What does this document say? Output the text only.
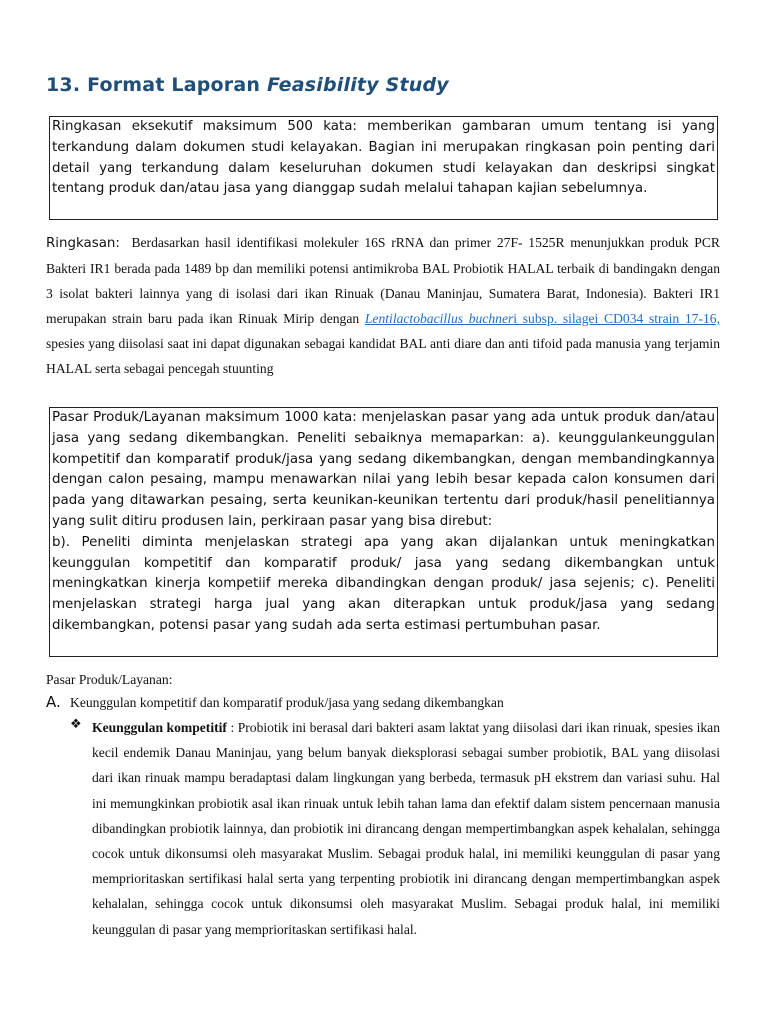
13. Format Laporan Feasibility Study
Ringkasan eksekutif maksimum 500 kata: memberikan gambaran umum tentang isi yang terkandung dalam dokumen studi kelayakan. Bagian ini merupakan ringkasan poin penting dari detail yang terkandung dalam keseluruhan dokumen studi kelayakan dan deskripsi singkat tentang produk dan/atau jasa yang dianggap sudah melalui tahapan kajian sebelumnya.
Ringkasan: Berdasarkan hasil identifikasi molekuler 16S rRNA dan primer 27F- 1525R menunjukkan produk PCR Bakteri IR1 berada pada 1489 bp dan memiliki potensi antimikroba BAL Probiotik HALAL terbaik di bandingakn dengan 3 isolat bakteri lainnya yang di isolasi dari ikan Rinuak (Danau Maninjau, Sumatera Barat, Indonesia). Bakteri IR1 merupakan strain baru pada ikan Rinuak Mirip dengan Lentilactobacillus buchneri subsp. silagei CD034 strain 17-16, spesies yang diisolasi saat ini dapat digunakan sebagai kandidat BAL anti diare dan anti tifoid pada manusia yang terjamin HALAL serta sebagai pencegah stuunting
Pasar Produk/Layanan maksimum 1000 kata: menjelaskan pasar yang ada untuk produk dan/atau jasa yang sedang dikembangkan. Peneliti sebaiknya memaparkan: a). keunggulankeunggulan kompetitif dan komparatif produk/jasa yang sedang dikembangkan, dengan membandingkannya dengan calon pesaing, mampu menawarkan nilai yang lebih besar kepada calon konsumen dari pada yang ditawarkan pesaing, serta keunikan-keunikan tertentu dari produk/hasil penelitiannya yang sulit ditiru produsen lain, perkiraan pasar yang bisa direbut:
b). Peneliti diminta menjelaskan strategi apa yang akan dijalankan untuk meningkatkan keunggulan kompetitif dan komparatif produk/ jasa yang sedang dikembangkan untuk meningkatkan kinerja kompetiif mereka dibandingkan dengan produk/ jasa sejenis; c). Peneliti menjelaskan strategi harga jual yang akan diterapkan untuk produk/jasa yang sedang dikembangkan, potensi pasar yang sudah ada serta estimasi pertumbuhan pasar.
Pasar Produk/Layanan:
A. Keunggulan kompetitif dan komparatif produk/jasa yang sedang dikembangkan
❖ Keunggulan kompetitif : Probiotik ini berasal dari bakteri asam laktat yang diisolasi dari ikan rinuak, spesies ikan kecil endemik Danau Maninjau, yang belum banyak dieksplorasi sebagai sumber probiotik, BAL yang diisolasi dari ikan rinuak mampu beradaptasi dalam lingkungan yang berbeda, termasuk pH ekstrem dan variasi suhu. Hal ini memungkinkan probiotik asal ikan rinuak untuk lebih tahan lama dan efektif dalam sistem pencernaan manusia dibandingkan probiotik lainnya, dan probiotik ini dirancang dengan mempertimbangkan aspek kehalalan, sehingga cocok untuk dikonsumsi oleh masyarakat Muslim. Sebagai produk halal, ini memiliki keunggulan di pasar yang memprioritaskan sertifikasi halal serta yang terpenting probiotik ini dirancang dengan mempertimbangkan aspek kehalalan, sehingga cocok untuk dikonsumsi oleh masyarakat Muslim. Sebagai produk halal, ini memiliki keunggulan di pasar yang memprioritaskan sertifikasi halal.
